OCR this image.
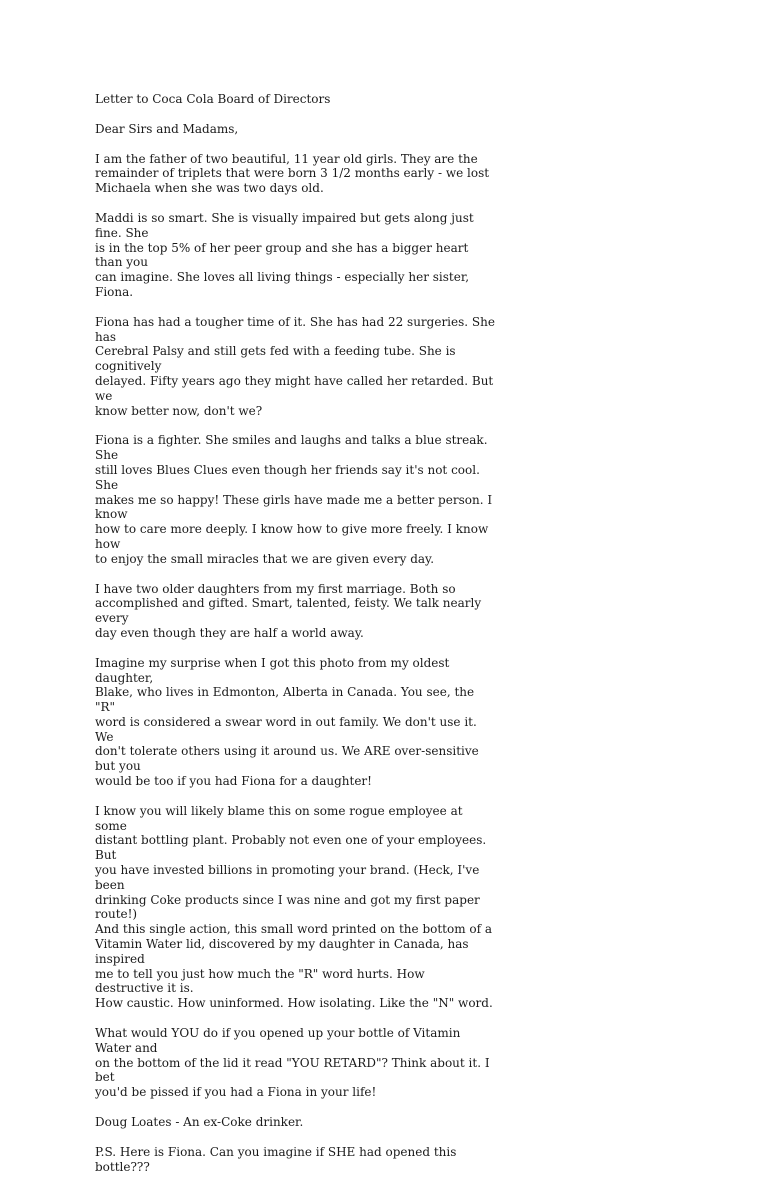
Letter to Coca Cola Board of Directors

Dear Sirs and Madams,

I am the father of two beautiful, 11 year old girls. They are the
remainder of triplets that were born 3 1/2 months early - we lost
Michaela when she was two days old.

Maddi is so smart. She is visually impaired but gets along just fine. She
is in the top 5% of her peer group and she has a bigger heart than you
can imagine. She loves all living things - especially her sister, Fiona.

Fiona has had a tougher time of it. She has had 22 surgeries. She has
Cerebral Palsy and still gets fed with a feeding tube. She is cognitively
delayed. Fifty years ago they might have called her retarded. But we
know better now, don't we?

Fiona is a fighter. She smiles and laughs and talks a blue streak. She
still loves Blues Clues even though her friends say it's not cool. She
makes me so happy! These girls have made me a better person. I know
how to care more deeply. I know how to give more freely. I know how
to enjoy the small miracles that we are given every day.

I have two older daughters from my first marriage. Both so
accomplished and gifted. Smart, talented, feisty. We talk nearly every
day even though they are half a world away.

Imagine my surprise when I got this photo from my oldest daughter,
Blake, who lives in Edmonton, Alberta in Canada. You see, the "R"
word is considered a swear word in out family. We don't use it. We
don't tolerate others using it around us. We ARE over-sensitive but you
would be too if you had Fiona for a daughter!

I know you will likely blame this on some rogue employee at some
distant bottling plant. Probably not even one of your employees. But
you have invested billions in promoting your brand. (Heck, I've been
drinking Coke products since I was nine and got my first paper route!)
And this single action, this small word printed on the bottom of a
Vitamin Water lid, discovered by my daughter in Canada, has inspired
me to tell you just how much the "R" word hurts. How destructive it is.
How caustic. How uninformed. How isolating. Like the "N" word.

What would YOU do if you opened up your bottle of Vitamin Water and
on the bottom of the lid it read "YOU RETARD"? Think about it. I bet
you'd be pissed if you had a Fiona in your life!

Doug Loates - An ex-Coke drinker.

P.S. Here is Fiona. Can you imagine if SHE had opened this bottle???
